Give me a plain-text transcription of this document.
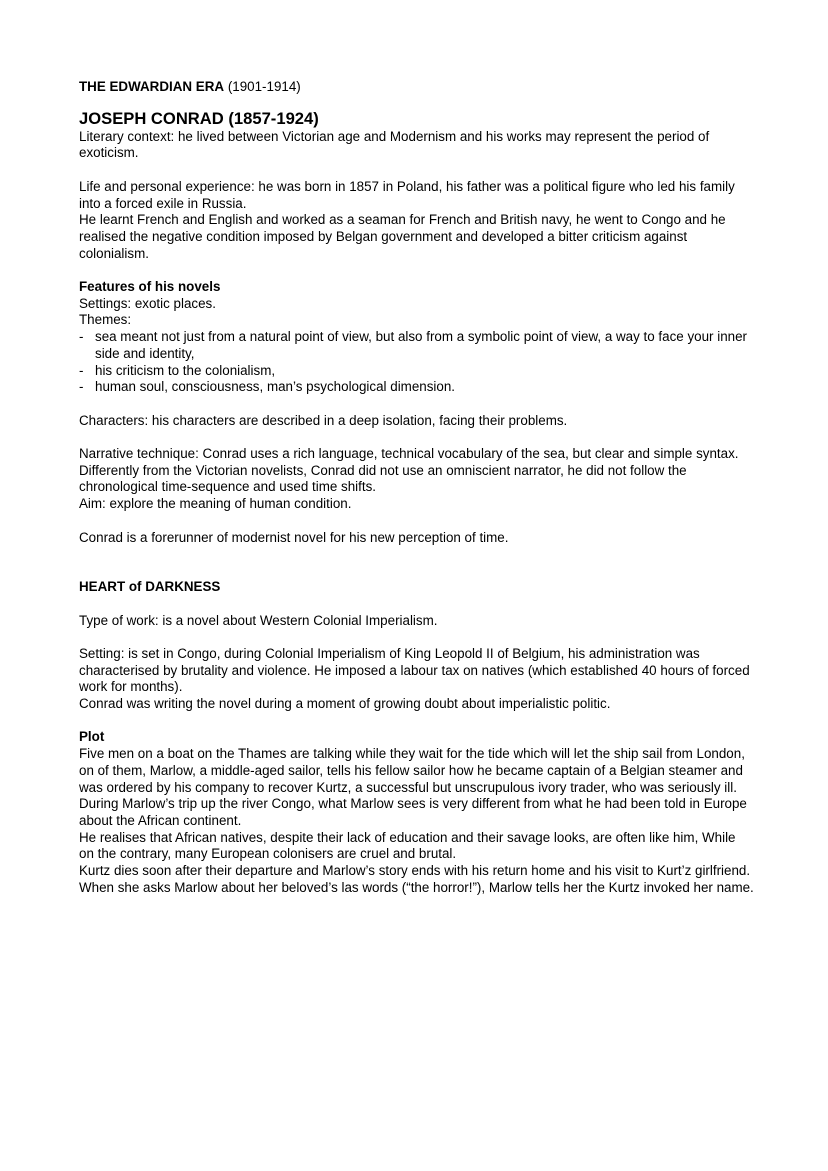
THE EDWARDIAN ERA (1901-1914)
JOSEPH CONRAD (1857-1924)

Literary context: he lived between Victorian age and Modernism and his works may represent the period of exoticism.

Life and personal experience: he was born in 1857 in Poland, his father was a political figure who led his family into a forced exile in Russia.

He learnt French and English and worked as a seaman for French and British navy, he went to Congo and he realised the negative condition imposed by Belgan government and developed a bitter criticism against colonialism.

Features of his novels

Settings: exotic places.

Themes:

- sea meant not just from a natural point of view, but also from a symbolic point of view, a way to face your inner side and identity,
- his criticism to the colonialism,
- human soul, consciousness, man’s psychological dimension.

Characters: his characters are described in a deep isolation, facing their problems.

Narrative technique: Conrad uses a rich language, technical vocabulary of the sea, but clear and simple syntax.

Differently from the Victorian novelists, Conrad did not use an omniscient narrator, he did not follow the chronological time-sequence and used time shifts.

Aim: explore the meaning of human condition.

Conrad is a forerunner of modernist novel for his new perception of time.

HEART of DARKNESS

Type of work: is a novel about Western Colonial Imperialism.

Setting: is set in Congo, during Colonial Imperialism of King Leopold II of Belgium, his administration was characterised by brutality and violence. He imposed a labour tax on natives (which established 40 hours of forced work for months).

Conrad was writing the novel during a moment of growing doubt about imperialistic politic.

Plot

Five men on a boat on the Thames are talking while they wait for the tide which will let the ship sail from London, on of them, Marlow, a middle-aged sailor, tells his fellow sailor how he became captain of a Belgian steamer and was ordered by his company to recover Kurtz, a successful but unscrupulous ivory trader, who was seriously ill.

During Marlow’s trip up the river Congo, what Marlow sees is very different from what he had been told in Europe about the African continent.

He realises that African natives, despite their lack of education and their savage looks, are often like him, While on the contrary, many European colonisers are cruel and brutal.

Kurtz dies soon after their departure and Marlow’s story ends with his return home and his visit to Kurt’z girlfriend.

When she asks Marlow about her beloved’s las words (“the horror!”), Marlow tells her the Kurtz invoked her name.
